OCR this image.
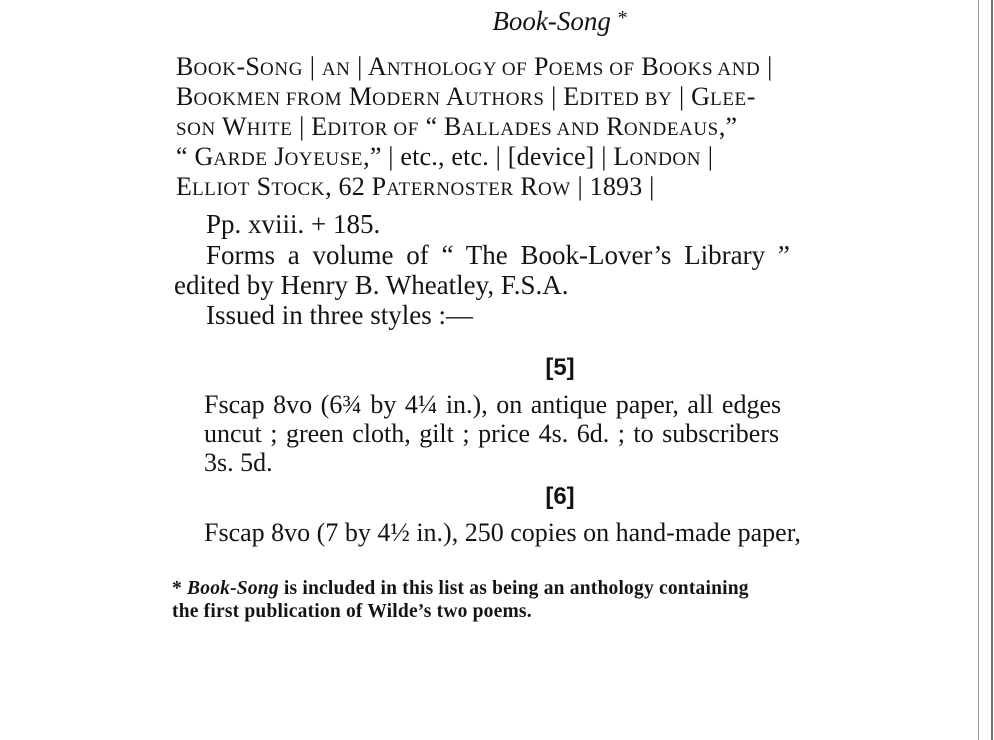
Book-Song *
BOOK-SONG | AN | ANTHOLOGY OF POEMS OF BOOKS AND |
BOOKMEN FROM MODERN AUTHORS | EDITED BY | GLEE-
SON WHITE | EDITOR OF “ BALLADES AND RONDEAUS,”
“ GARDE JOYEUSE,” | etc., etc. | [device] | LONDON |
ELLIOT STOCK, 62 PATERNOSTER ROW | 1893 |
Pp. xviii. + 185.
Forms a volume of “ The Book-Lover’s Library ”
edited by Henry B. Wheatley, F.S.A.
Issued in three styles :—
[5]
Fscap 8vo (6¾ by 4¼ in.), on antique paper, all edges
uncut ; green cloth, gilt ; price 4s. 6d. ; to subscribers
3s. 5d.
[6]
Fscap 8vo (7 by 4½ in.), 250 copies on hand-made paper,
* Book-Song is included in this list as being an anthology containing
the first publication of Wilde’s two poems.
